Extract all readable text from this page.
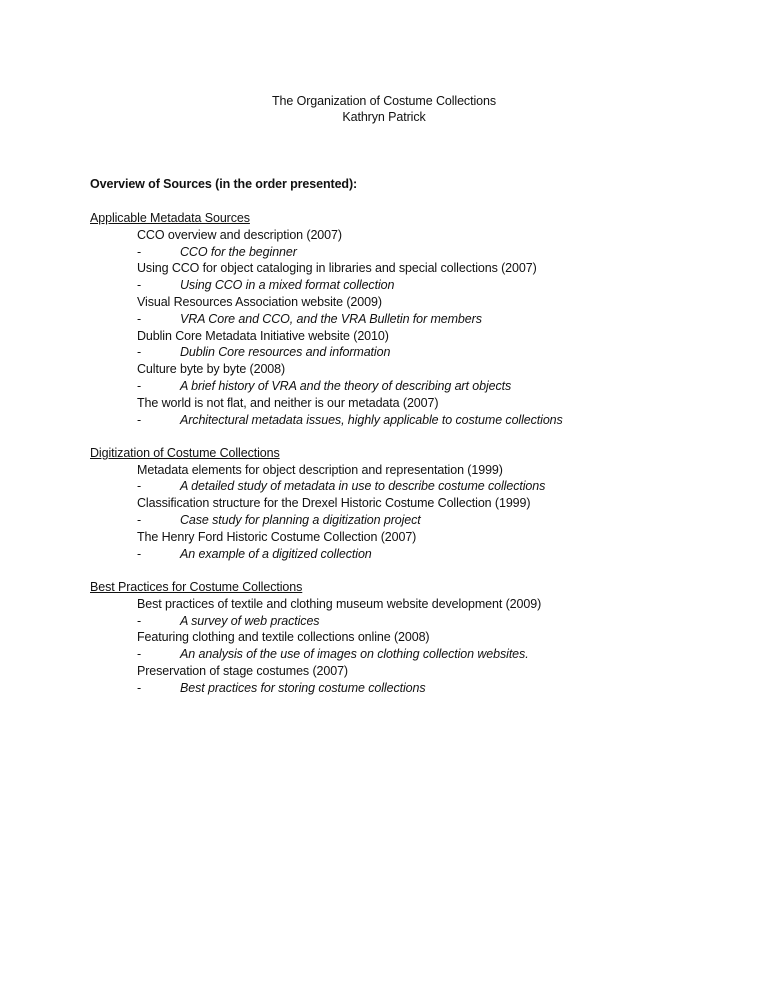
The Organization of Costume Collections
Kathryn Patrick
Overview of Sources (in the order presented):
Applicable Metadata Sources
CCO overview and description (2007)
-	CCO for the beginner
Using CCO for object cataloging in libraries and special collections (2007)
-	Using CCO in a mixed format collection
Visual Resources Association website (2009)
-	VRA Core and CCO, and the VRA Bulletin for members
Dublin Core Metadata Initiative website (2010)
-	Dublin Core resources and information
Culture byte by byte (2008)
-	A brief history of VRA and the theory of describing art objects
The world is not flat, and neither is our metadata (2007)
-	Architectural metadata issues, highly applicable to costume collections
Digitization of Costume Collections
Metadata elements for object description and representation (1999)
-	A detailed study of metadata in use to describe costume collections
Classification structure for the Drexel Historic Costume Collection (1999)
-	Case study for planning a digitization project
The Henry Ford Historic Costume Collection (2007)
-	An example of a digitized collection
Best Practices for Costume Collections
Best practices of textile and clothing museum website development (2009)
-	A survey of web practices
Featuring clothing and textile collections online (2008)
-	An analysis of the use of images on clothing collection websites.
Preservation of stage costumes (2007)
-	Best practices for storing costume collections
